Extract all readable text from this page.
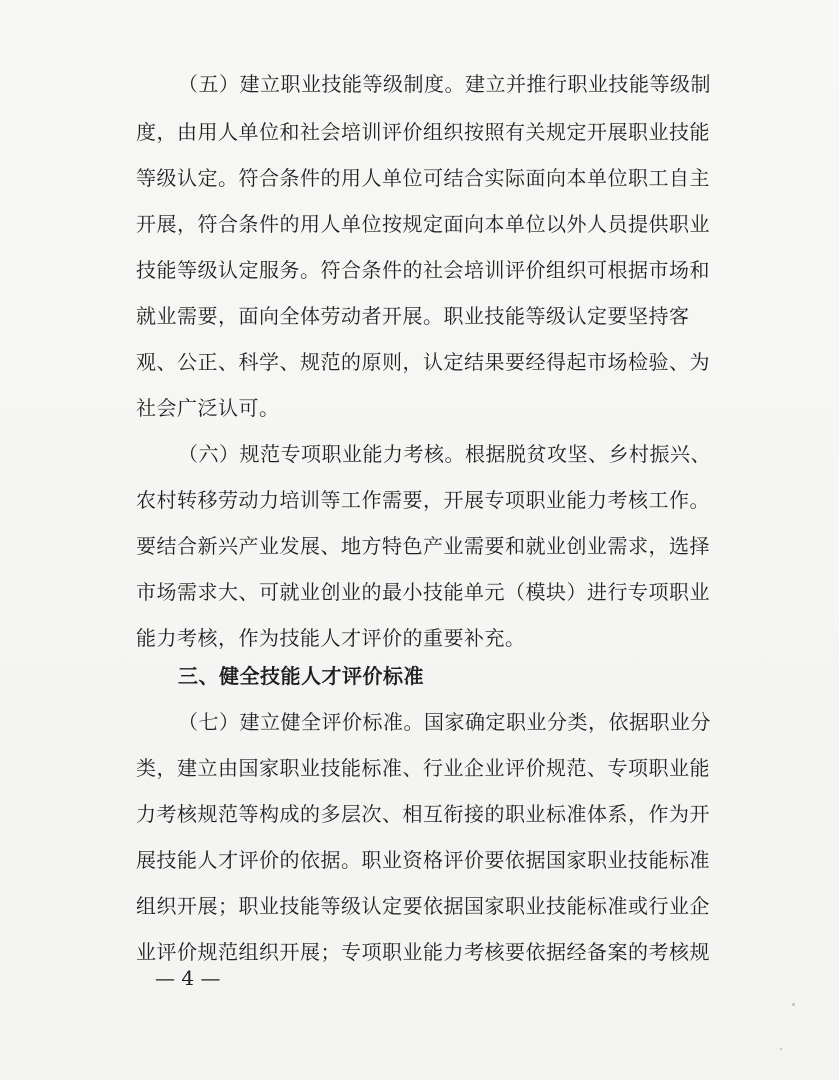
（五）建立职业技能等级制度。建立并推行职业技能等级制
度，由用人单位和社会培训评价组织按照有关规定开展职业技能
等级认定。符合条件的用人单位可结合实际面向本单位职工自主
开展，符合条件的用人单位按规定面向本单位以外人员提供职业
技能等级认定服务。符合条件的社会培训评价组织可根据市场和
就业需要，面向全体劳动者开展。职业技能等级认定要坚持客
观、公正、科学、规范的原则，认定结果要经得起市场检验、为
社会广泛认可。
（六）规范专项职业能力考核。根据脱贫攻坚、乡村振兴、
农村转移劳动力培训等工作需要，开展专项职业能力考核工作。
要结合新兴产业发展、地方特色产业需要和就业创业需求，选择
市场需求大、可就业创业的最小技能单元（模块）进行专项职业
能力考核，作为技能人才评价的重要补充。
三、健全技能人才评价标准
（七）建立健全评价标准。国家确定职业分类，依据职业分
类，建立由国家职业技能标准、行业企业评价规范、专项职业能
力考核规范等构成的多层次、相互衔接的职业标准体系，作为开
展技能人才评价的依据。职业资格评价要依据国家职业技能标准
组织开展；职业技能等级认定要依据国家职业技能标准或行业企
业评价规范组织开展；专项职业能力考核要依据经备案的考核规
— 4 —
